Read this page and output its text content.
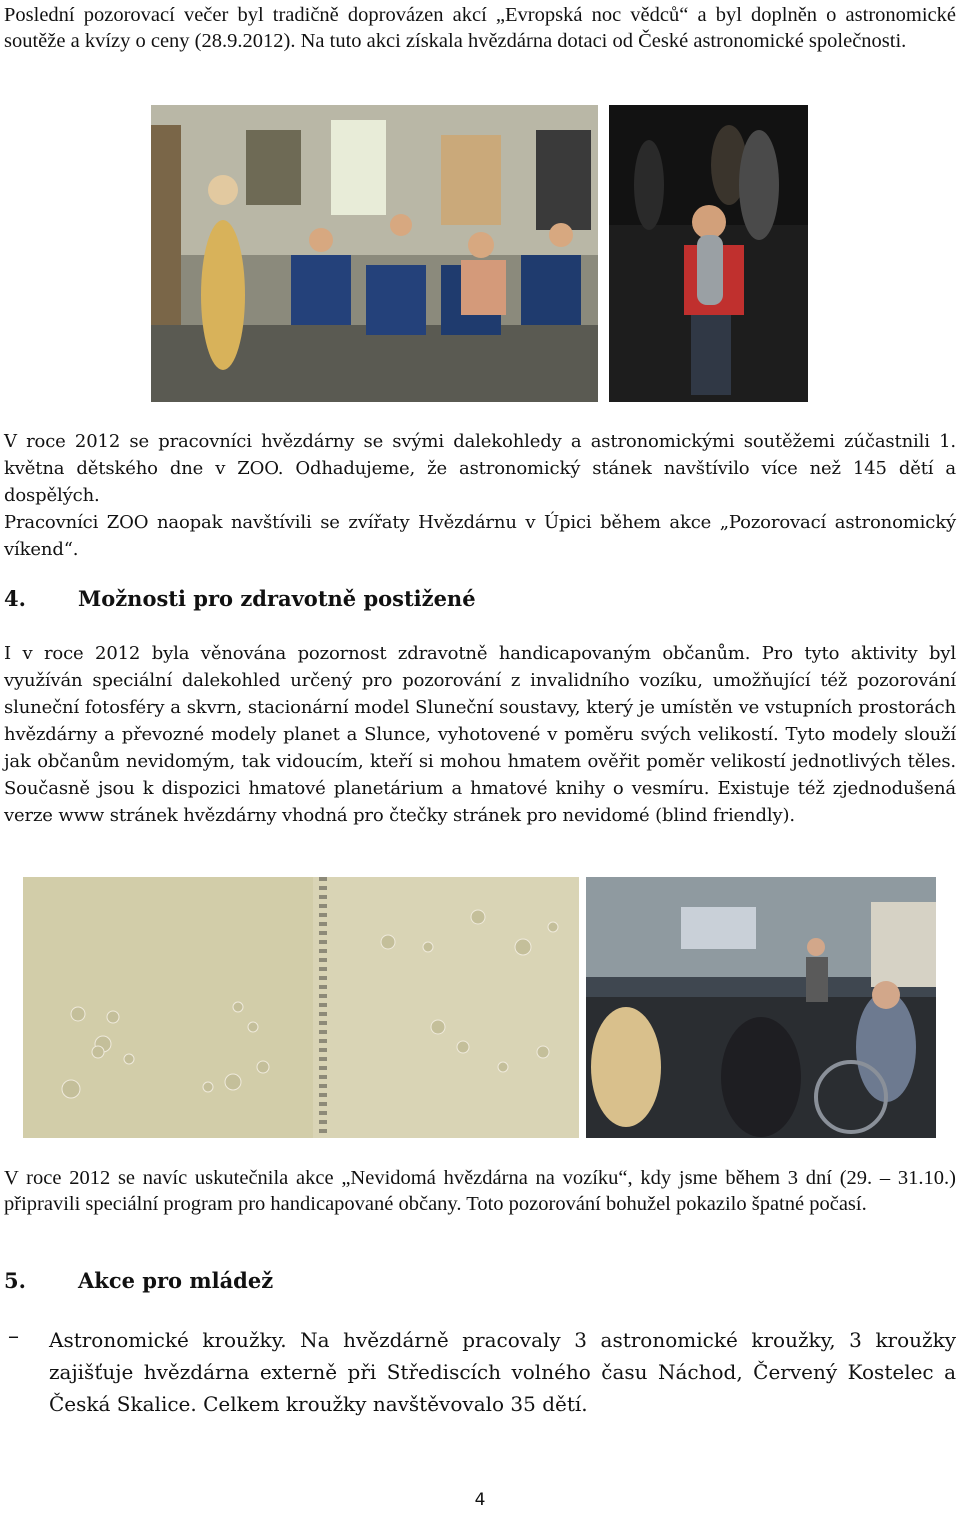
Poslední pozorovací večer byl tradičně doprovázen akcí „Evropská noc vědců“ a byl doplněn o astronomické soutěže a kvízy o ceny (28.9.2012). Na tuto akci získala hvězdárna dotaci od České astronomické společnosti.

V roce 2012 se pracovníci hvězdárny se svými dalekohledy a astronomickými soutěžemi zúčastnili 1. května dětského dne v ZOO. Odhadujeme, že astronomický stánek navštívilo více než 145 dětí a dospělých.

Pracovníci ZOO naopak navštívili se zvířaty Hvězdárnu v Úpici během akce „Pozorovací astronomický víkend“.

4. Možnosti pro zdravotně postižené

I v roce 2012 byla věnována pozornost zdravotně handicapovaným občanům. Pro tyto aktivity byl využíván speciální dalekohled určený pro pozorování z invalidního vozíku, umožňující též pozorování sluneční fotosféry a skvrn, stacionární model Sluneční soustavy, který je umístěn ve vstupních prostorách hvězdárny a převozné modely planet a Slunce, vyhotovené v poměru svých velikostí. Tyto modely slouží jak občanům nevidomým, tak vidoucím, kteří si mohou hmatem ověřit poměr velikostí jednotlivých těles. Současně jsou k dispozici hmatové planetárium a hmatové knihy o vesmíru. Existuje též zjednodušená verze www stránek hvězdárny vhodná pro čtečky stránek pro nevidomé (blind friendly).

V roce 2012 se navíc uskutečnila akce „Nevidomá hvězdárna na vozíku“, kdy jsme během 3 dní (29. – 31.10.) připravili speciální program pro handicapované občany. Toto pozorování bohužel pokazilo špatné počasí.

5. Akce pro mládež
– Astronomické kroužky. Na hvězdárně pracovaly 3 astronomické kroužky, 3 kroužky zajišťuje hvězdárna externě při Střediscích volného času Náchod, Červený Kostelec a Česká Skalice. Celkem kroužky navštěvovalo 35 dětí.
4
